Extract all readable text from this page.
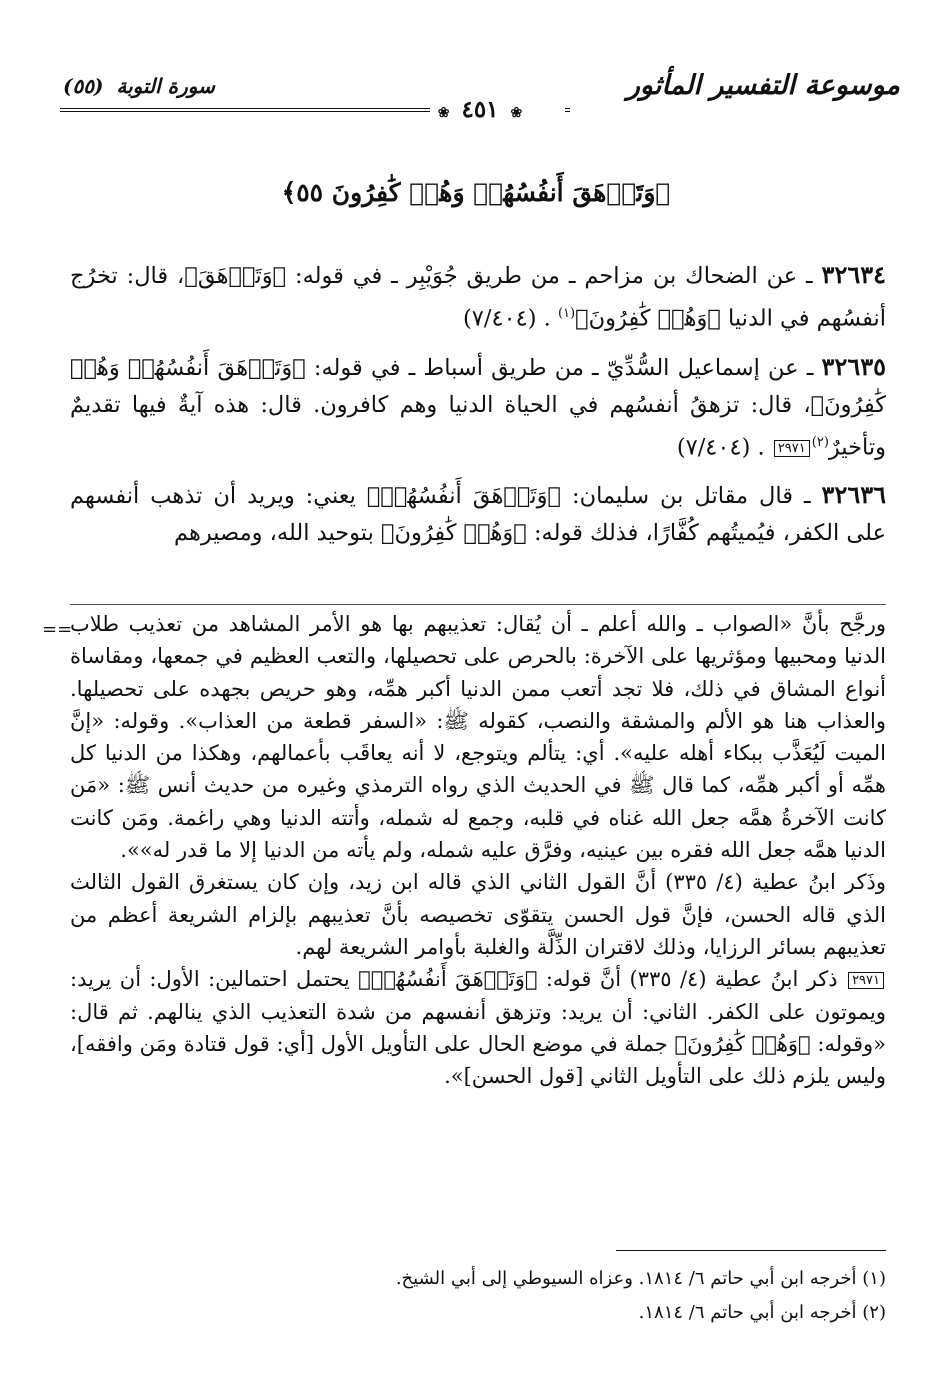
موسوعة التفسير المأثور
سورة التوبة (٥٥)
❀ ٤٥١ ❀
﴿وَتَزۡهَقَ أَنفُسُهُمۡ وَهُمۡ كَٰفِرُونَ ٥٥﴾
٣٢٦٣٤ ـ عن الضحاك بن مزاحم ـ من طريق جُوَيْبِر ـ في قوله: ﴿وَتَزۡهَقَ﴾، قال: تخرُج أنفسُهم في الدنيا ﴿وَهُمۡ كَٰفِرُونَ﴾$^{(١)}$ . (٧/٤٠٤)
٣٢٦٣٥ ـ عن إسماعيل السُّدِّيّ ـ من طريق أسباط ـ في قوله: ﴿وَتَزۡهَقَ أَنفُسُهُمۡ وَهُمۡ كَٰفِرُونَ﴾، قال: تزهقُ أنفسُهم في الحياة الدنيا وهم كافرون. قال: هذه آيةٌ فيها تقديمٌ وتأخيرٌ$^{(٢)}$٢٩٧١ . (٧/٤٠٤)
٣٢٦٣٦ ـ قال مقاتل بن سليمان: ﴿وَتَزۡهَقَ أَنفُسُهُمۡ﴾ يعني: ويريد أن تذهب أنفسهم على الكفر، فيُميتُهم كُفَّارًا، فذلك قوله: ﴿وَهُمۡ كَٰفِرُونَ﴾ بتوحيد الله، ومصيرهم
==

ورجَّح بأنَّ «الصواب ـ والله أعلم ـ أن يُقال: تعذيبهم بها هو الأمر المشاهد من تعذيب طلاب الدنيا ومحبيها ومؤثريها على الآخرة: بالحرص على تحصيلها، والتعب العظيم في جمعها، ومقاساة أنواع المشاق في ذلك، فلا تجد أتعب ممن الدنيا أكبر همِّه، وهو حريص بجهده على تحصيلها. والعذاب هنا هو الألم والمشقة والنصب، كقوله ﷺ: «السفر قطعة من العذاب». وقوله: «إنَّ الميت لَيُعَذَّب ببكاء أهله عليه». أي: يتألم ويتوجع، لا أنه يعاقَب بأعمالهم، وهكذا من الدنيا كل همِّه أو أكبر همِّه، كما قال ﷺ في الحديث الذي رواه الترمذي وغيره من حديث أنس ﷺ: «مَن كانت الآخرةُ همَّه جعل الله غناه في قلبه، وجمع له شمله، وأتته الدنيا وهي راغمة. ومَن كانت الدنيا همَّه جعل الله فقره بين عينيه، وفرَّق عليه شمله، ولم يأته من الدنيا إلا ما قدر له»».

وذَكر ابنُ عطية (٤/ ٣٣٥) أنَّ القول الثاني الذي قاله ابن زيد، وإن كان يستغرق القول الثالث الذي قاله الحسن، فإنَّ قول الحسن يتقوّى تخصيصه بأنَّ تعذيبهم بإلزام الشريعة أعظم من تعذيبهم بسائر الرزايا، وذلك لاقتران الذِّلَّة والغلبة بأوامر الشريعة لهم.

٢٩٧١ ذكر ابنُ عطية (٤/ ٣٣٥) أنَّ قوله: ﴿وَتَزۡهَقَ أَنفُسُهُمۡ﴾ يحتمل احتمالين: الأول: أن يريد: ويموتون على الكفر. الثاني: أن يريد: وتزهق أنفسهم من شدة التعذيب الذي ينالهم. ثم قال: «وقوله: ﴿وَهُمۡ كَٰفِرُونَ﴾ جملة في موضع الحال على التأويل الأول [أي: قول قتادة ومَن وافقه]، وليس يلزم ذلك على التأويل الثاني [قول الحسن]».

(١) أخرجه ابن أبي حاتم ٦/ ١٨١٤. وعزاه السيوطي إلى أبي الشيخ.
(٢) أخرجه ابن أبي حاتم ٦/ ١٨١٤.
